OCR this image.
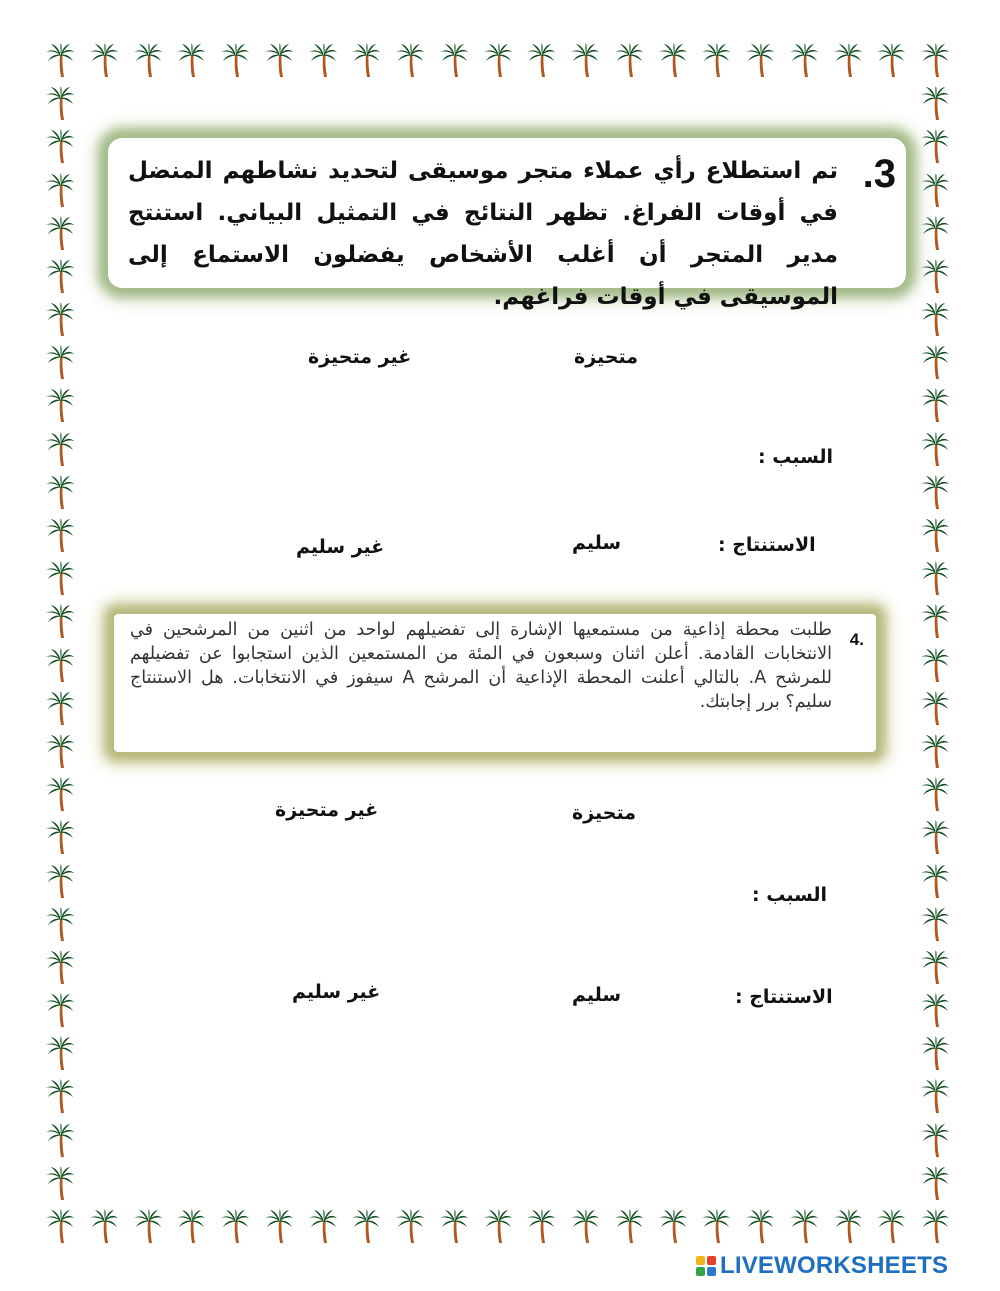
3.
تم استطلاع رأي عملاء متجر موسيقى لتحديد نشاطهم المنضل في أوقات الفراغ. تظهر النتائج في التمثيل البياني. استنتج مدير المتجر أن أغلب الأشخاص يفضلون الاستماع إلى الموسيقى في أوقات فراغهم.
متحيزة
غير متحيزة
السبب :
الاستنتاج :
سليم
غير سليم
.4
طلبت محطة إذاعية من مستمعيها الإشارة إلى تفضيلهم لواحد من اثنين من المرشحين في الانتخابات القادمة. أعلن اثنان وسبعون في المئة من المستمعين الذين استجابوا عن تفضيلهم للمرشح A. بالتالي أعلنت المحطة الإذاعية أن المرشح A سيفوز في الانتخابات. هل الاستنتاج سليم؟ برر إجابتك.
متحيزة
غير متحيزة
السبب :
الاستنتاج :
سليم
غير سليم
LIVEWORKSHEETS
